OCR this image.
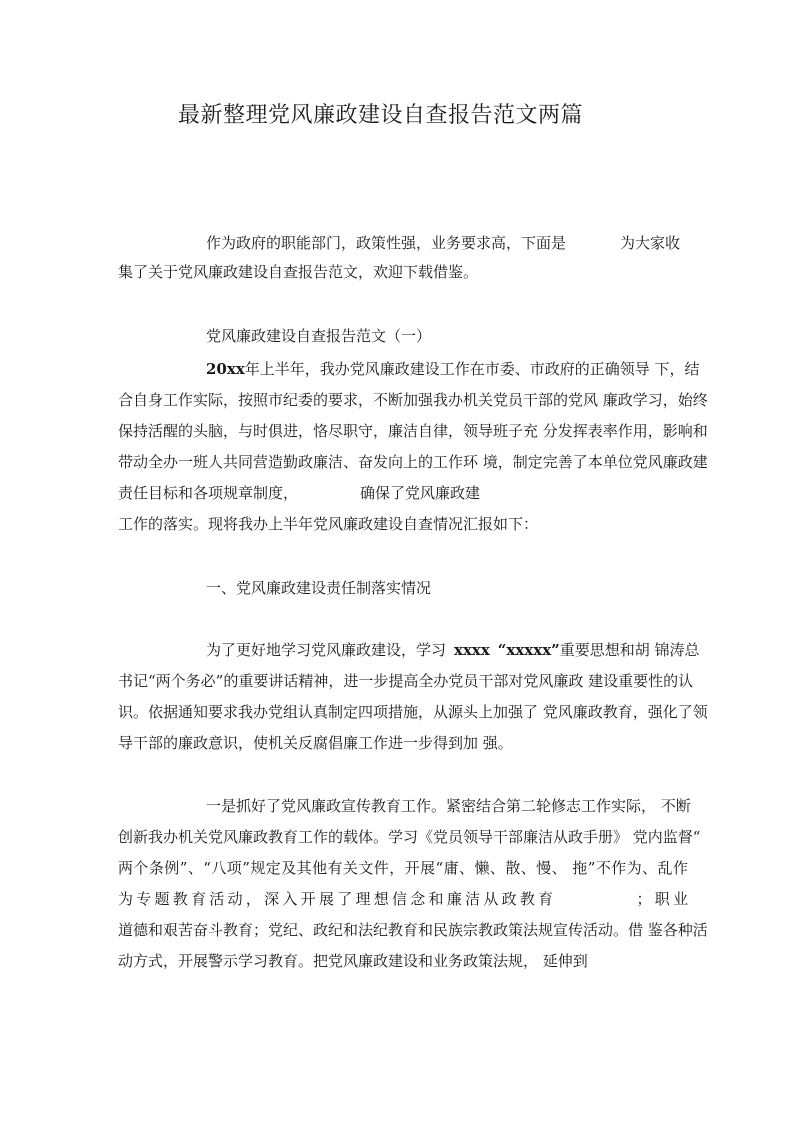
最新整理党风廉政建设自查报告范文两篇
作为政府的职能部门，政策性强，业务要求高，下面是	为大家收
集了关于党风廉政建设自查报告范文，欢迎下载借鉴。
党风廉政建设自查报告范文（一）
20xx年上半年，我办党风廉政建设工作在市委、市政府的正确领导 下，结
合自身工作实际，按照市纪委的要求，不断加强我办机关党员干部的党风 廉政学习，始终
保持活醒的头脑，与时俱进，恪尽职守，廉洁自律，领导班子充 分发挥表率作用，影响和
带动全办一班人共同营造勤政廉洁、奋发向上的工作环 境，制定完善了本单位党风廉政建
责任目标和各项规章制度，	确保了党风廉政建
工作的落实。现将我办上半年党风廉政建设自查情况汇报如下：
一、党风廉政建设责任制落实情况
为了更好地学习党风廉政建设，学习 xxxx “xxxxx”重要思想和胡 锦涛总
书记“两个务必”的重要讲话精神，进一步提高全办党员干部对党风廉政 建设重要性的认
识。依据通知要求我办党组认真制定四项措施，从源头上加强了 党风廉政教育，强化了领
导干部的廉政意识，使机关反腐倡廉工作进一步得到加 强。
一是抓好了党风廉政宣传教育工作。紧密结合第二轮修志工作实际， 不断
创新我办机关党风廉政教育工作的载体。学习《党员领导干部廉洁从政手册》 党内监督“
两个条例”、“八项”规定及其他有关文件，开展“庸、懒、散、慢、 拖”不作为、乱作
为专题教育活动，深入开展了理想信念和廉洁从政教育	；职业
道德和艰苦奋斗教育；党纪、政纪和法纪教育和民族宗教政策法规宣传活动。借 鉴各种活
动方式，开展警示学习教育。把党风廉政建设和业务政策法规， 延伸到
